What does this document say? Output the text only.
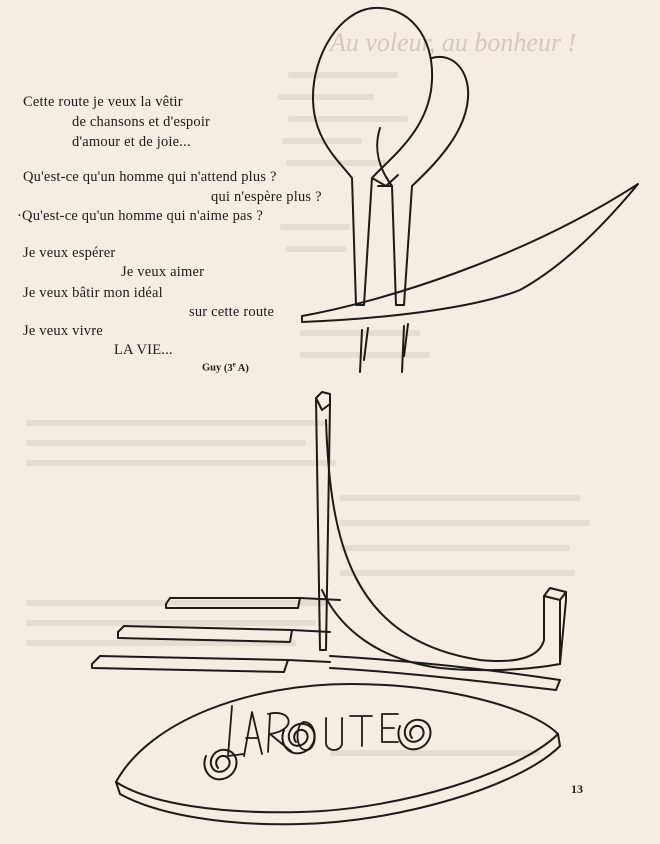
Au voleur, au bonheur !
Cette route je veux la vêtir
de chansons et d'espoir
d'amour et de joie...
Qu'est-ce qu'un homme qui n'attend plus ?
qui n'espère plus ?
·Qu'est-ce qu'un homme qui n'aime pas ?
Je veux espérer
Je veux aimer
Je veux bâtir mon idéal
sur cette route
Je veux vivre
LA VIE...
Guy (3e A)
13
